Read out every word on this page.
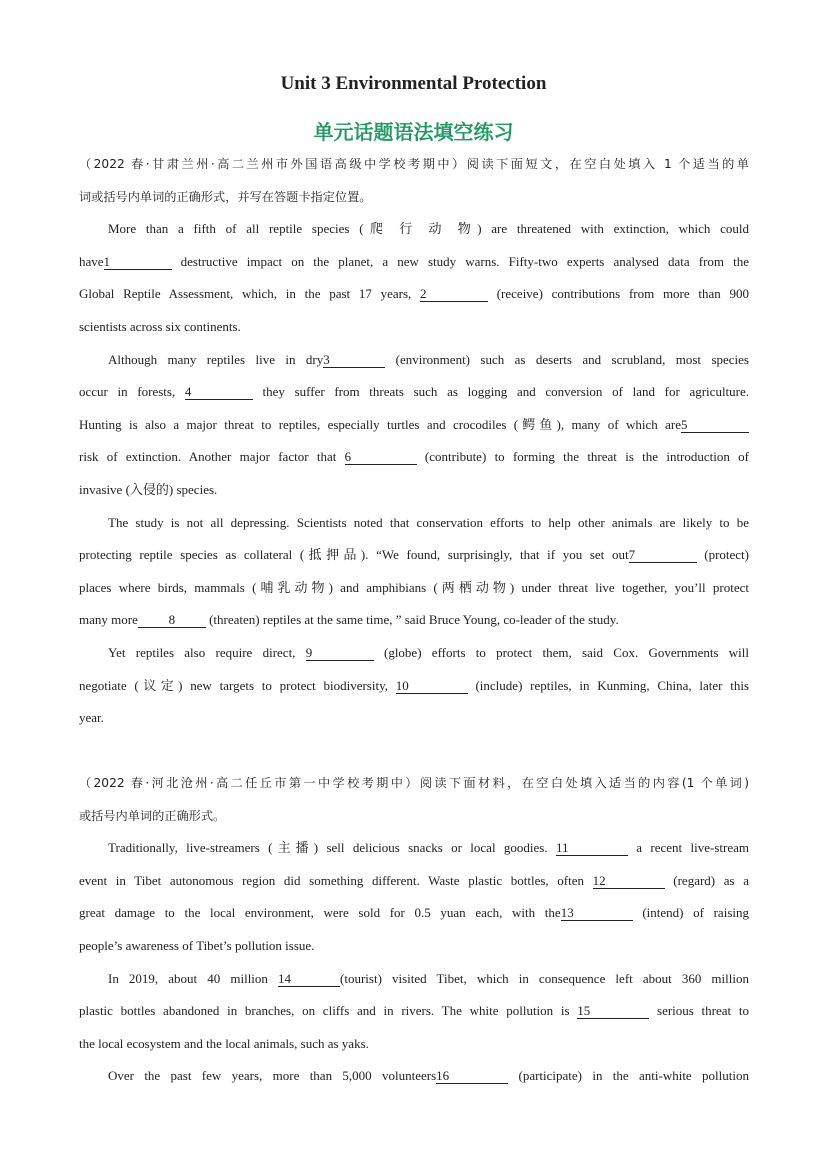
Unit 3 Environmental Protection
单元话题语法填空练习
（2022 春·甘肃兰州·高二兰州市外国语高级中学校考期中）阅读下面短文，在空白处填入 1 个适当的单
词或括号内单词的正确形式，并写在答题卡指定位置。
More than a fifth of all reptile species (爬 行 动 物) are threatened with extinction, which could
have1	destructive impact on the planet, a new study warns. Fifty-two experts analysed data from the
Global Reptile Assessment, which, in the past 17 years, 2	(receive) contributions from more than 900
scientists across six continents.
Although many reptiles live in dry3	(environment) such as deserts and scrubland, most species
occur in forests, 4	they suffer from threats such as logging and conversion of land for agriculture.
Hunting is also a major threat to reptiles, especially turtles and crocodiles (鳄鱼), many of which are5
risk of extinction. Another major factor that 6	(contribute) to forming the threat is the introduction of
invasive (入侵的) species.
The study is not all depressing. Scientists noted that conservation efforts to help other animals are likely to be
protecting reptile species as collateral (抵押品). “We found, surprisingly, that if you set out7	(protect)
places where birds, mammals (哺乳动物) and amphibians (两栖动物) under threat live together, you’ll protect
many more 8 (threaten) reptiles at the same time, ” said Bruce Young, co-leader of the study.
Yet reptiles also require direct, 9	(globe) efforts to protect them, said Cox. Governments will
negotiate (议定) new targets to protect biodiversity, 10	(include) reptiles, in Kunming, China, later this
year.
（2022 春·河北沧州·高二任丘市第一中学校考期中）阅读下面材料，在空白处填入适当的内容(1 个单词)
或括号内单词的正确形式。
Traditionally, live-streamers (主播) sell delicious snacks or local goodies. 11	a recent live-stream
event in Tibet autonomous region did something different. Waste plastic bottles, often 12	(regard) as a
great damage to the local environment, were sold for 0.5 yuan each, with the13	(intend) of raising
people’s awareness of Tibet’s pollution issue.
In 2019, about 40 million 14	(tourist) visited Tibet, which in consequence left about 360 million
plastic bottles abandoned in branches, on cliffs and in rivers. The white pollution is 15	serious threat to
the local ecosystem and the local animals, such as yaks.
Over the past few years, more than 5,000 volunteers16	(participate) in the anti-white pollution
